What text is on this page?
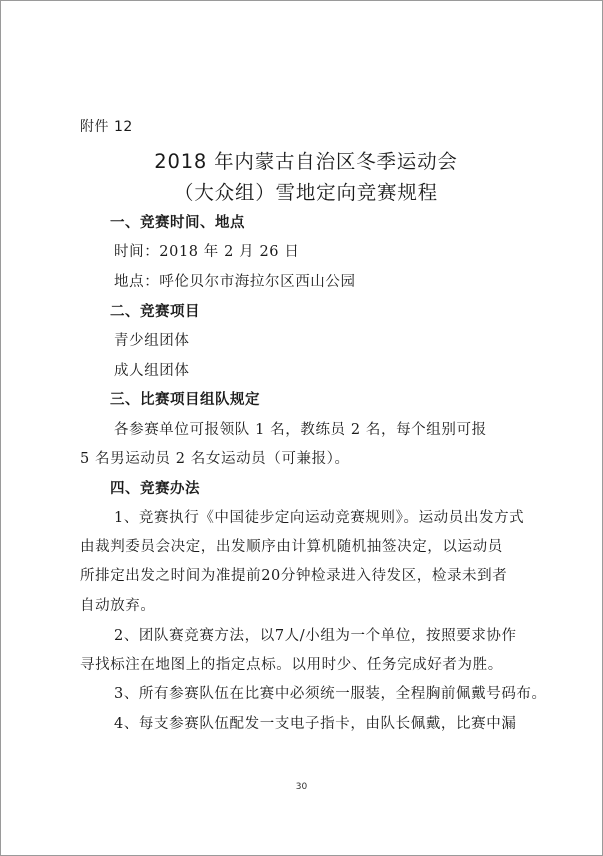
附件 12
2018 年内蒙古自治区冬季运动会
（大众组）雪地定向竞赛规程
一、竞赛时间、地点
时间：2018 年 2 月 26 日
地点：呼伦贝尔市海拉尔区西山公园
二、竞赛项目
青少组团体
成人组团体
三、比赛项目组队规定
各参赛单位可报领队 1 名，教练员 2 名，每个组别可报
5 名男运动员 2 名女运动员（可兼报）。
四、竞赛办法
1、竞赛执行《中国徒步定向运动竞赛规则》。运动员出发方式
由裁判委员会决定，出发顺序由计算机随机抽签决定，以运动员
所排定出发之时间为准提前20分钟检录进入待发区，检录未到者
自动放弃。
2、团队赛竞赛方法，以7人/小组为一个单位，按照要求协作
寻找标注在地图上的指定点标。以用时少、任务完成好者为胜。
3、所有参赛队伍在比赛中必须统一服装，全程胸前佩戴号码布。
4、每支参赛队伍配发一支电子指卡，由队长佩戴，比赛中漏
30
